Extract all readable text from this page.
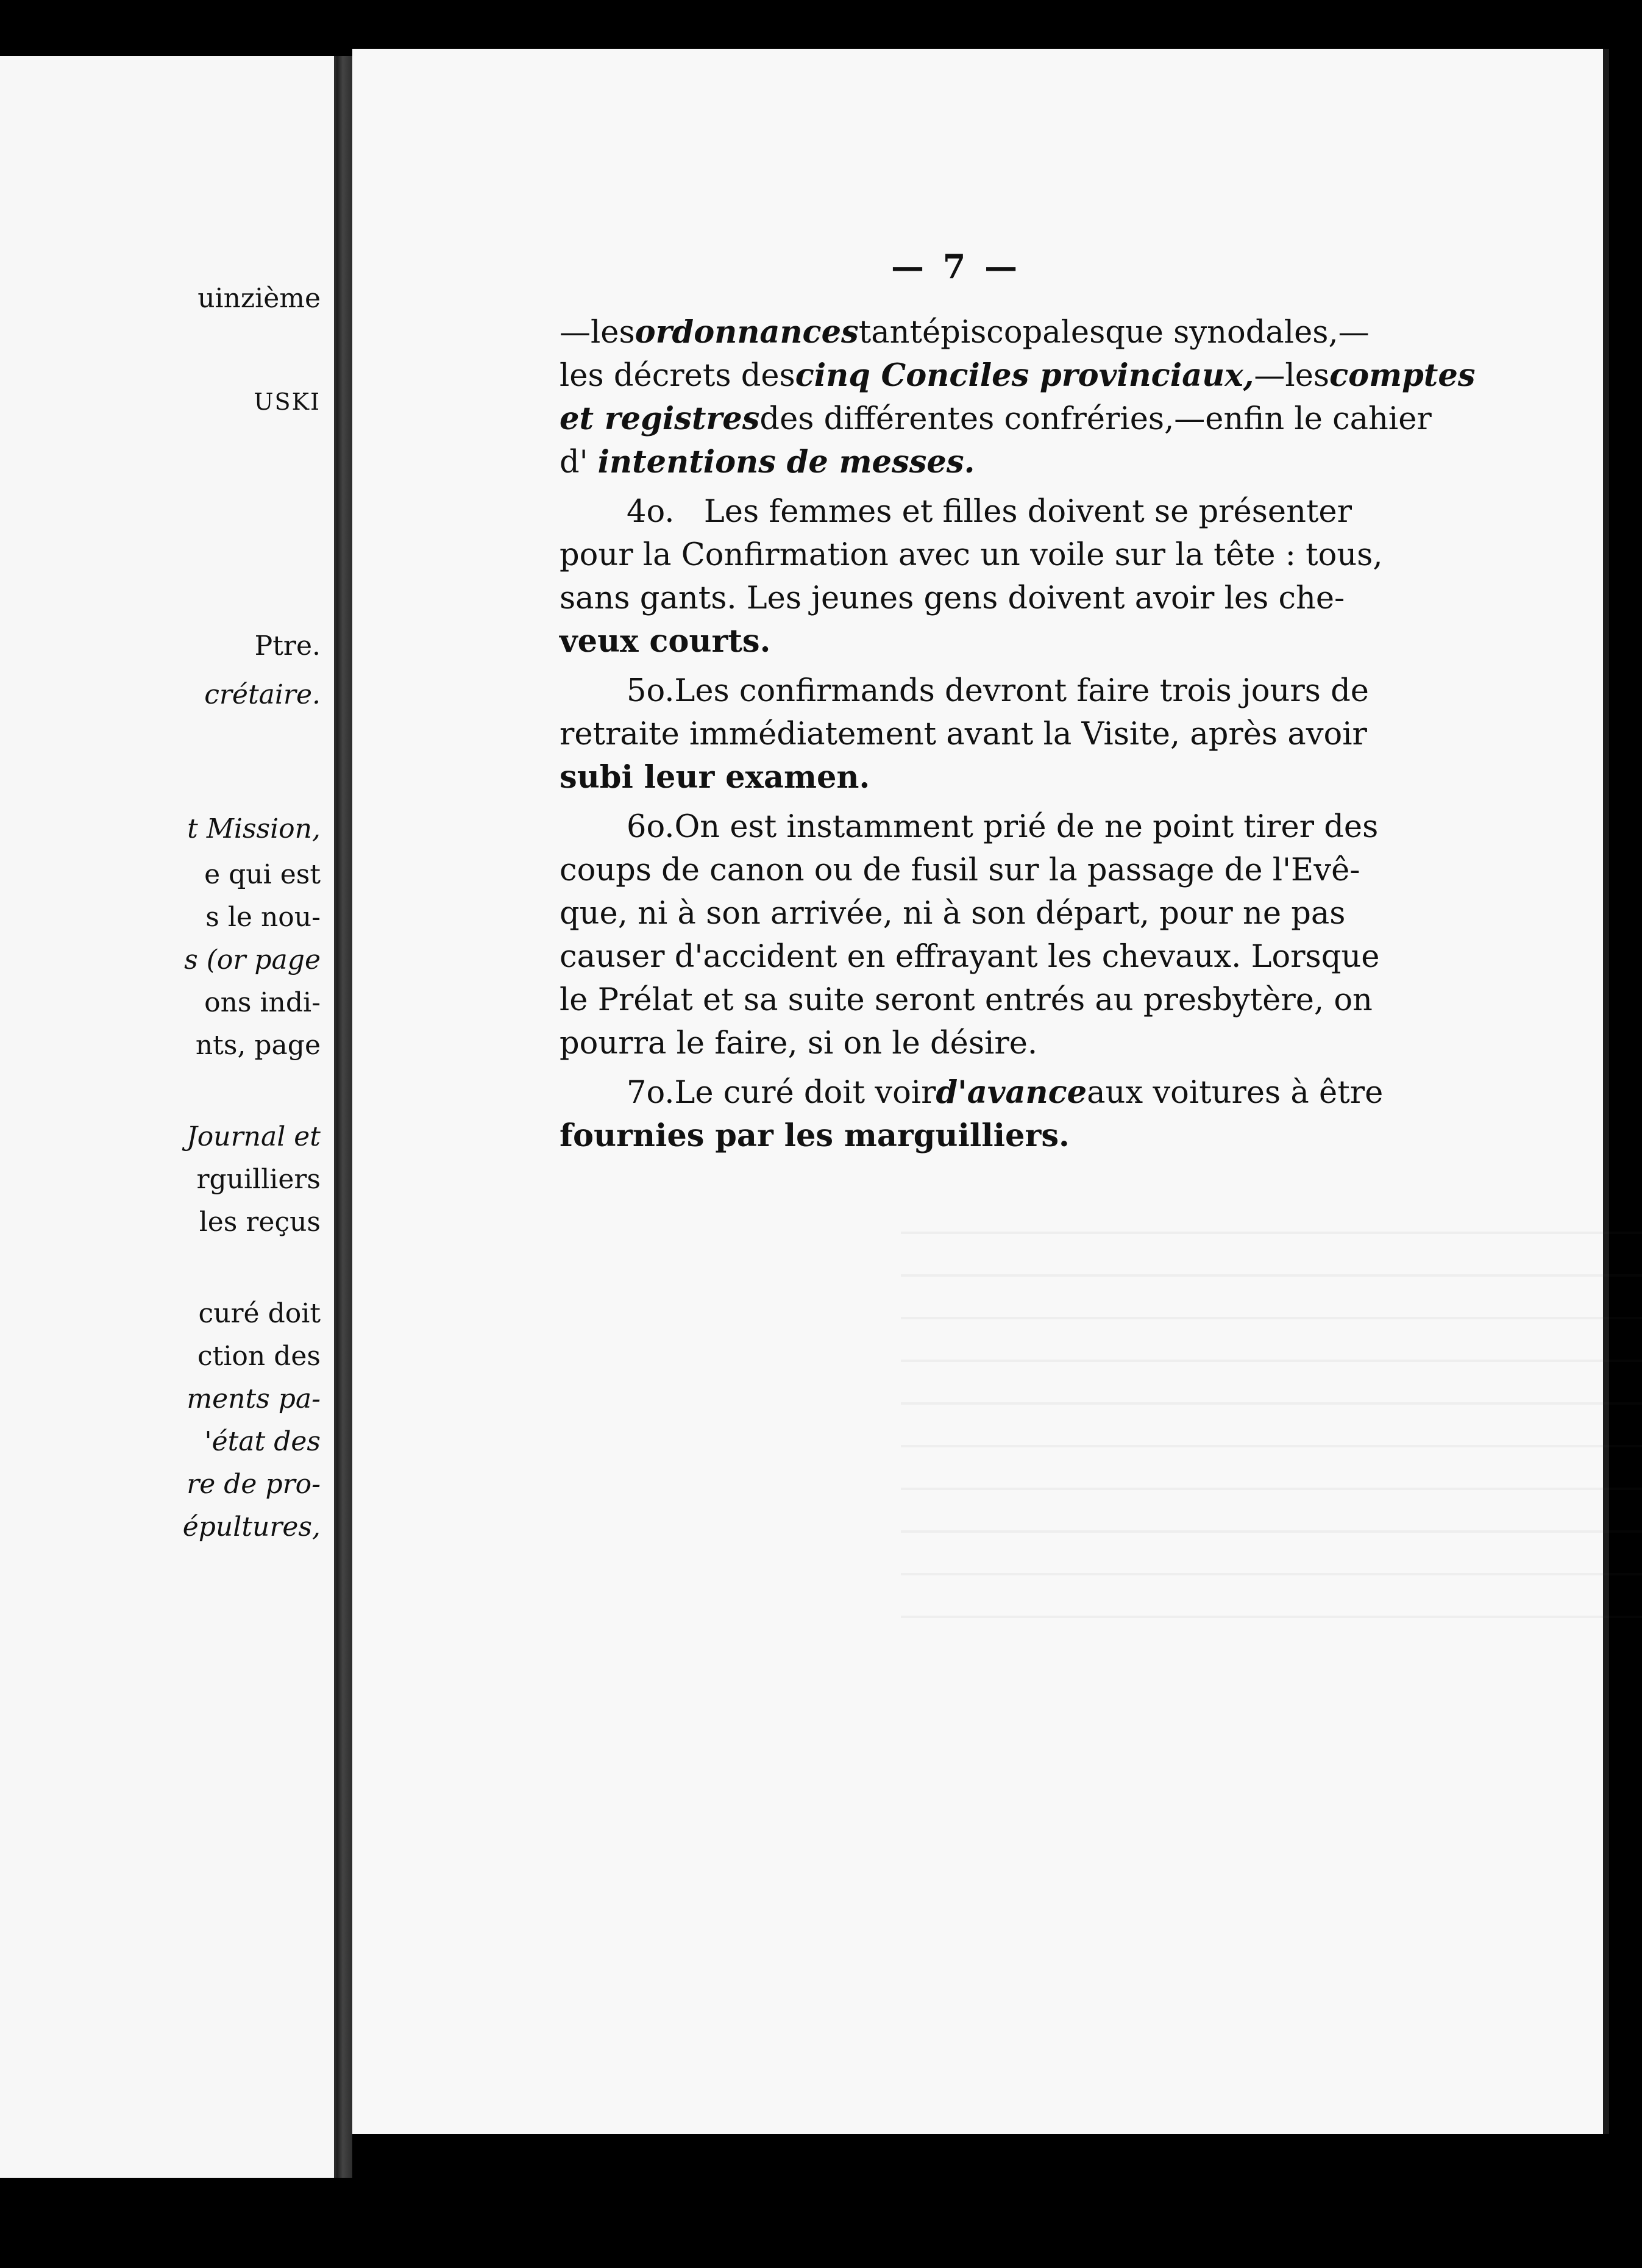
uinzième
USKI
Ptre.
crétaire.
t Mission,
e qui est
s le nou-
s (or page
ons indi-
nts, page
Journal et
rguilliers
les reçus
curé doit
ction des
ments pa-
'état des
re de pro-
épultures,
— 7 —
—les ordonnances tant épiscopales que synodales,—
les décrets des cinq Conciles provinciaux, —les comptes
et registres des différentes confréries,—enfin le cahier
d' intentions de messes.
4o. Les femmes et filles doivent se présenter
pour la Confirmation avec un voile sur la tête : tous,
sans gants. Les jeunes gens doivent avoir les che-
veux courts.
5o. Les confirmands devront faire trois jours de
retraite immédiatement avant la Visite, après avoir
subi leur examen.
6o. On est instamment prié de ne point tirer des
coups de canon ou de fusil sur la passage de l'Evê-
que, ni à son arrivée, ni à son départ, pour ne pas
causer d'accident en effrayant les chevaux. Lorsque
le Prélat et sa suite seront entrés au presbytère, on
pourra le faire, si on le désire.
7o. Le curé doit voir d'avance aux voitures à être
fournies par les marguilliers.
